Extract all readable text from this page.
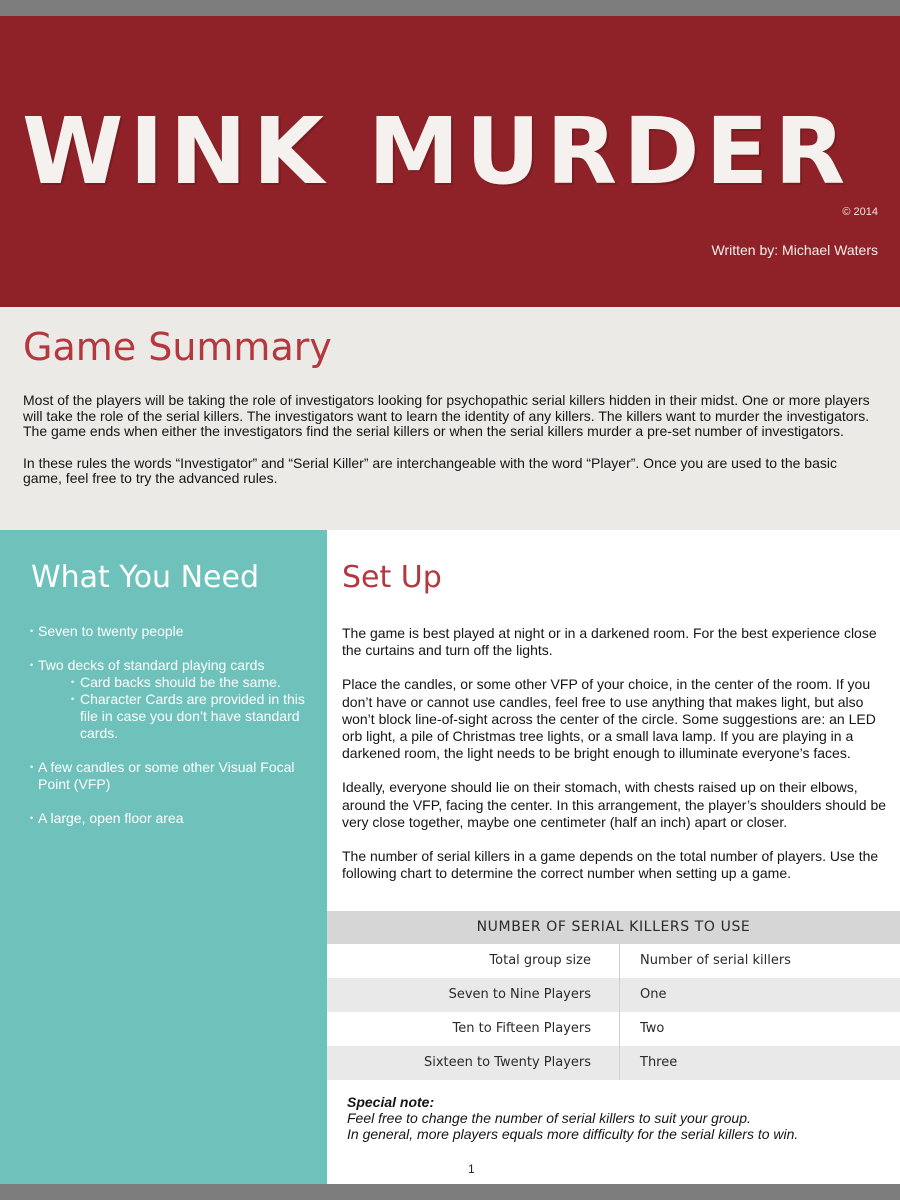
WINK MURDER
© 2014
Written by: Michael Waters
Game Summary

Most of the players will be taking the role of investigators looking for psychopathic serial killers hidden in their midst. One or more players will take the role of the serial killers. The investigators want to learn the identity of any killers. The killers want to murder the investigators. The game ends when either the investigators find the serial killers or when the serial killers murder a pre-set number of investigators.

In these rules the words “Investigator” and “Serial Killer” are interchangeable with the word “Player”. Once you are used to the basic game, feel free to try the advanced rules.

What You Need
• Seven to twenty people
• Two decks of standard playing cards
• Card backs should be the same.
• Character Cards are provided in this file in case you don’t have standard cards.
• A few candles or some other Visual Focal Point (VFP)
• A large, open floor area
Set Up

The game is best played at night or in a darkened room. For the best experience close the curtains and turn off the lights.

Place the candles, or some other VFP of your choice, in the center of the room. If you don’t have or cannot use candles, feel free to use anything that makes light, but also won’t block line-of-sight across the center of the circle. Some suggestions are: an LED orb light, a pile of Christmas tree lights, or a small lava lamp. If you are playing in a darkened room, the light needs to be bright enough to illuminate everyone’s faces.

Ideally, everyone should lie on their stomach, with chests raised up on their elbows, around the VFP, facing the center. In this arrangement, the player’s shoulders should be very close together, maybe one centimeter (half an inch) apart or closer.

The number of serial killers in a game depends on the total number of players. Use the following chart to determine the correct number when setting up a game.

NUMBER OF SERIAL KILLERS TO USE
Total group size	Number of serial killers
Seven to Nine Players	One
Ten to Fifteen Players	Two
Sixteen to Twenty Players	Three
Special note:
Feel free to change the number of serial killers to suit your group.
In general, more players equals more difficulty for the serial killers to win.
1
